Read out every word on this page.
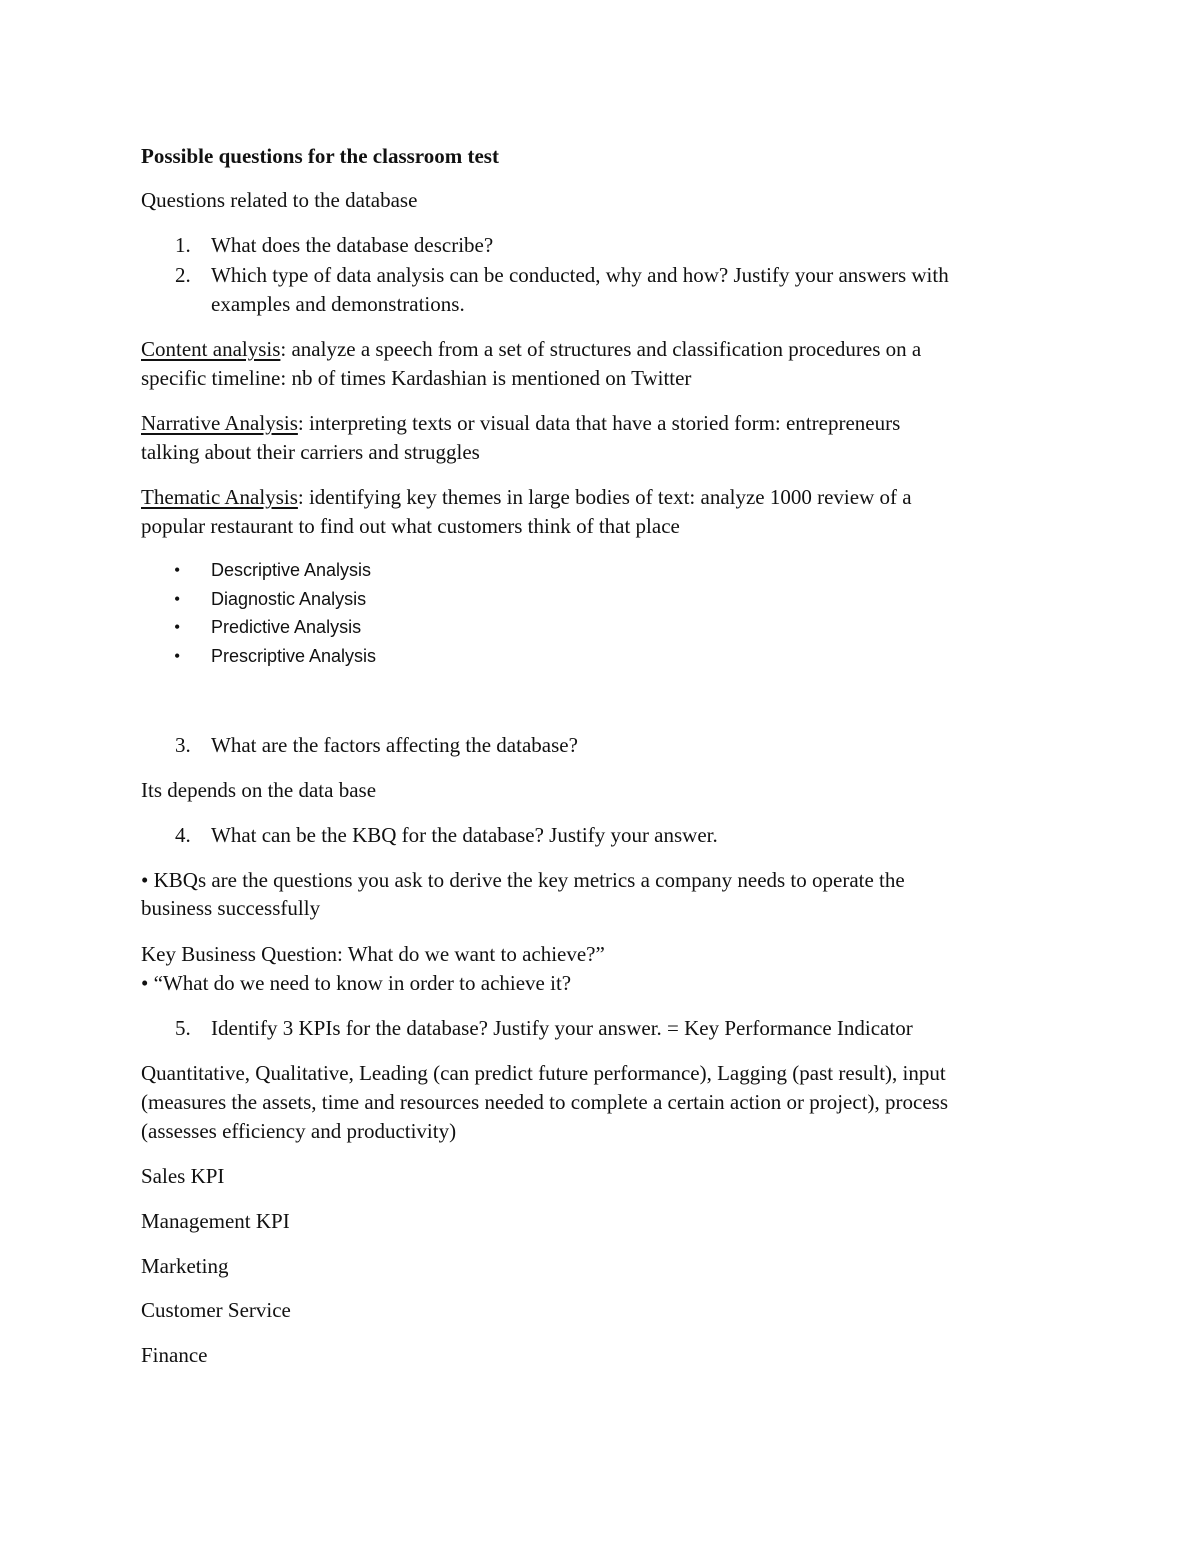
Possible questions for the classroom test
Questions related to the database
1. What does the database describe?
2. Which type of data analysis can be conducted, why and how? Justify your answers with
examples and demonstrations.
Content analysis: analyze a speech from a set of structures and classification procedures on a
specific timeline: nb of times Kardashian is mentioned on Twitter
Narrative Analysis: interpreting texts or visual data that have a storied form: entrepreneurs
talking about their carriers and struggles
Thematic Analysis: identifying key themes in large bodies of text: analyze 1000 review of a
popular restaurant to find out what customers think of that place
• Descriptive Analysis
• Diagnostic Analysis
• Predictive Analysis
• Prescriptive Analysis
3. What are the factors affecting the database?
Its depends on the data base
4. What can be the KBQ for the database? Justify your answer.
• KBQs are the questions you ask to derive the key metrics a company needs to operate the
business successfully
Key Business Question: What do we want to achieve?”
• “What do we need to know in order to achieve it?
5. Identify 3 KPIs for the database? Justify your answer. = Key Performance Indicator
Quantitative, Qualitative, Leading (can predict future performance), Lagging (past result), input
(measures the assets, time and resources needed to complete a certain action or project), process
(assesses efficiency and productivity)
Sales KPI
Management KPI
Marketing
Customer Service
Finance
